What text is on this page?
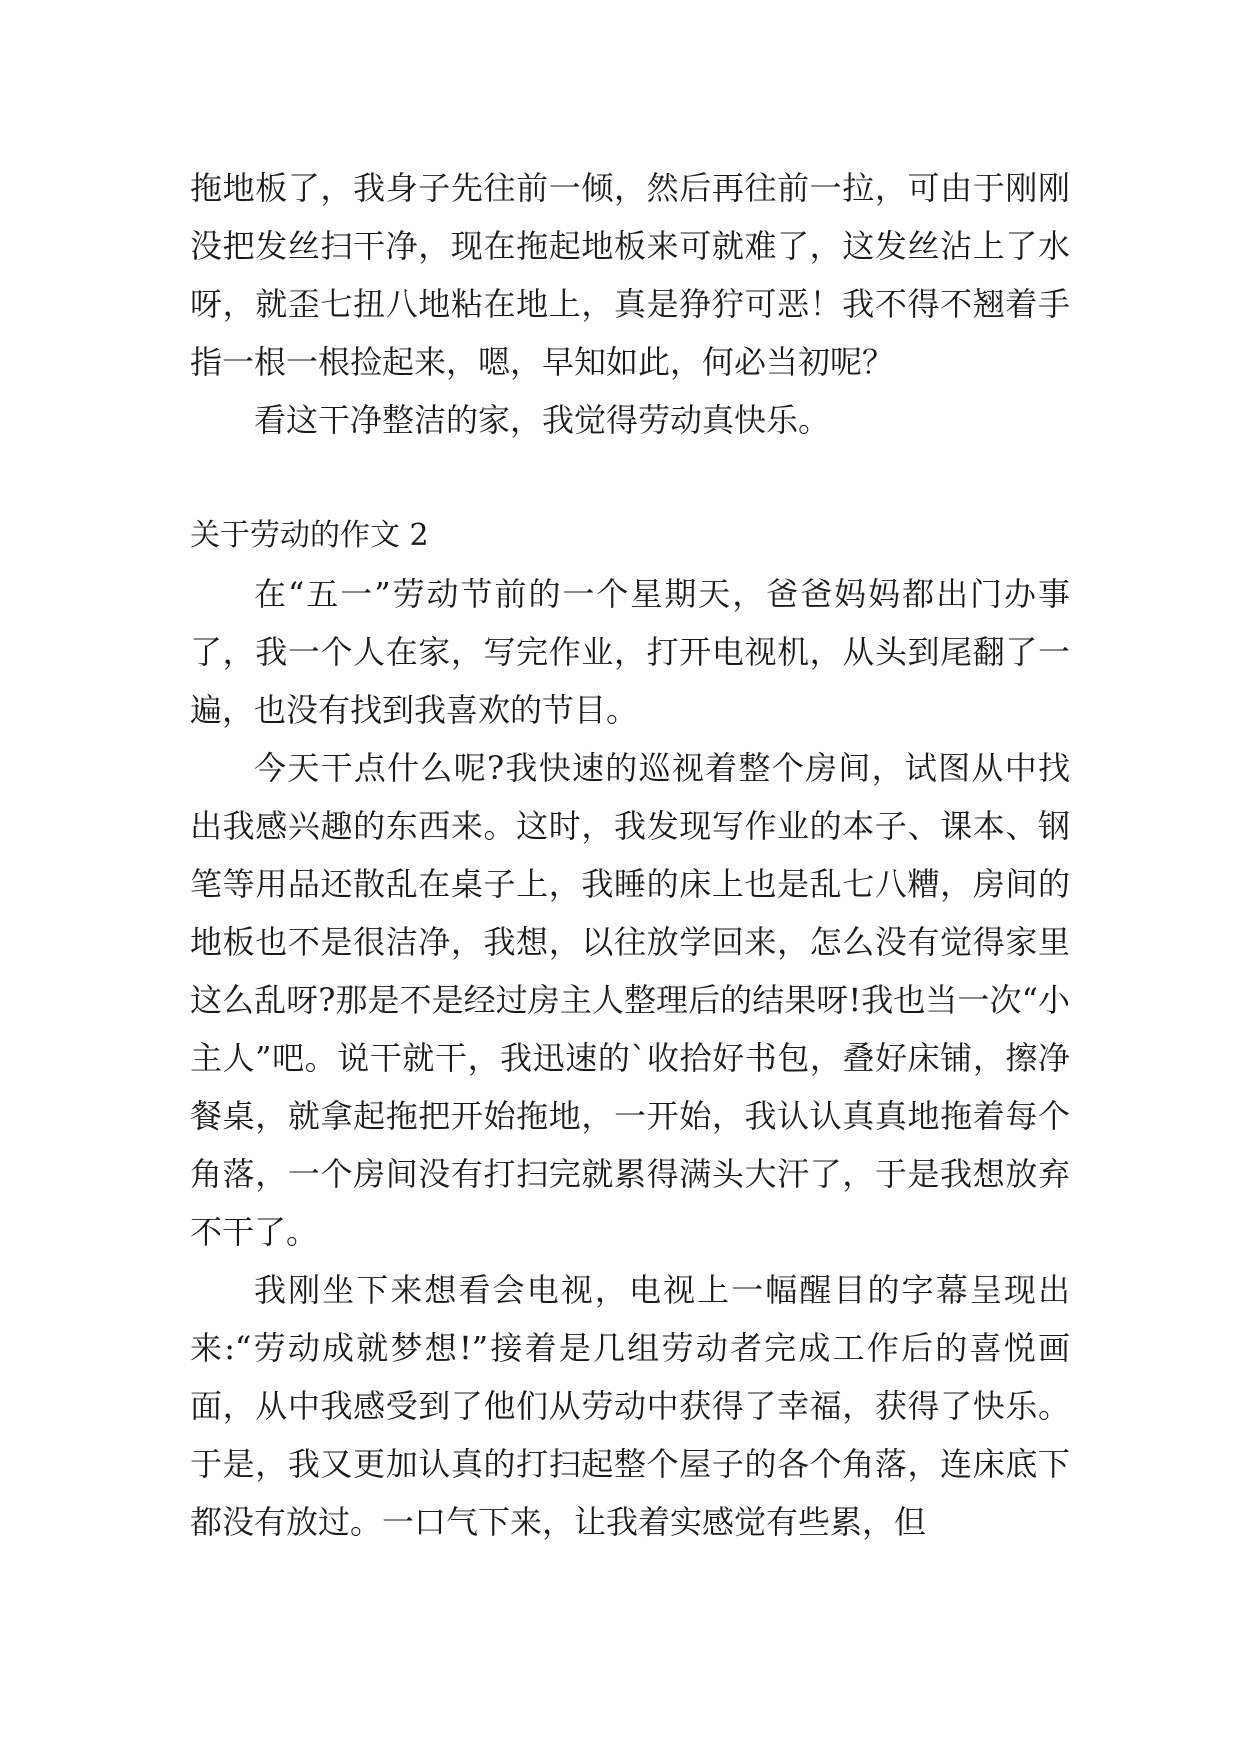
拖地板了，我身子先往前一倾，然后再往前一拉，可由于刚刚没把发丝扫干净，现在拖起地板来可就难了，这发丝沾上了水呀，就歪七扭八地粘在地上，真是狰狞可恶！我不得不翘着手指一根一根捡起来，嗯，早知如此，何必当初呢？

看这干净整洁的家，我觉得劳动真快乐。

关于劳动的作文 2

在“五一”劳动节前的一个星期天，爸爸妈妈都出门办事了，我一个人在家，写完作业，打开电视机，从头到尾翻了一遍，也没有找到我喜欢的节目。

今天干点什么呢?我快速的巡视着整个房间，试图从中找出我感兴趣的东西来。这时，我发现写作业的本子、课本、钢笔等用品还散乱在桌子上，我睡的床上也是乱七八糟，房间的地板也不是很洁净，我想，以往放学回来，怎么没有觉得家里这么乱呀?那是不是经过房主人整理后的结果呀!我也当一次“小主人”吧。说干就干，我迅速的`收拾好书包，叠好床铺，擦净餐桌，就拿起拖把开始拖地，一开始，我认认真真地拖着每个角落，一个房间没有打扫完就累得满头大汗了，于是我想放弃不干了。

我刚坐下来想看会电视，电视上一幅醒目的字幕呈现出来:“劳动成就梦想!”接着是几组劳动者完成工作后的喜悦画面，从中我感受到了他们从劳动中获得了幸福，获得了快乐。于是，我又更加认真的打扫起整个屋子的各个角落，连床底下都没有放过。一口气下来，让我着实感觉有些累，但
